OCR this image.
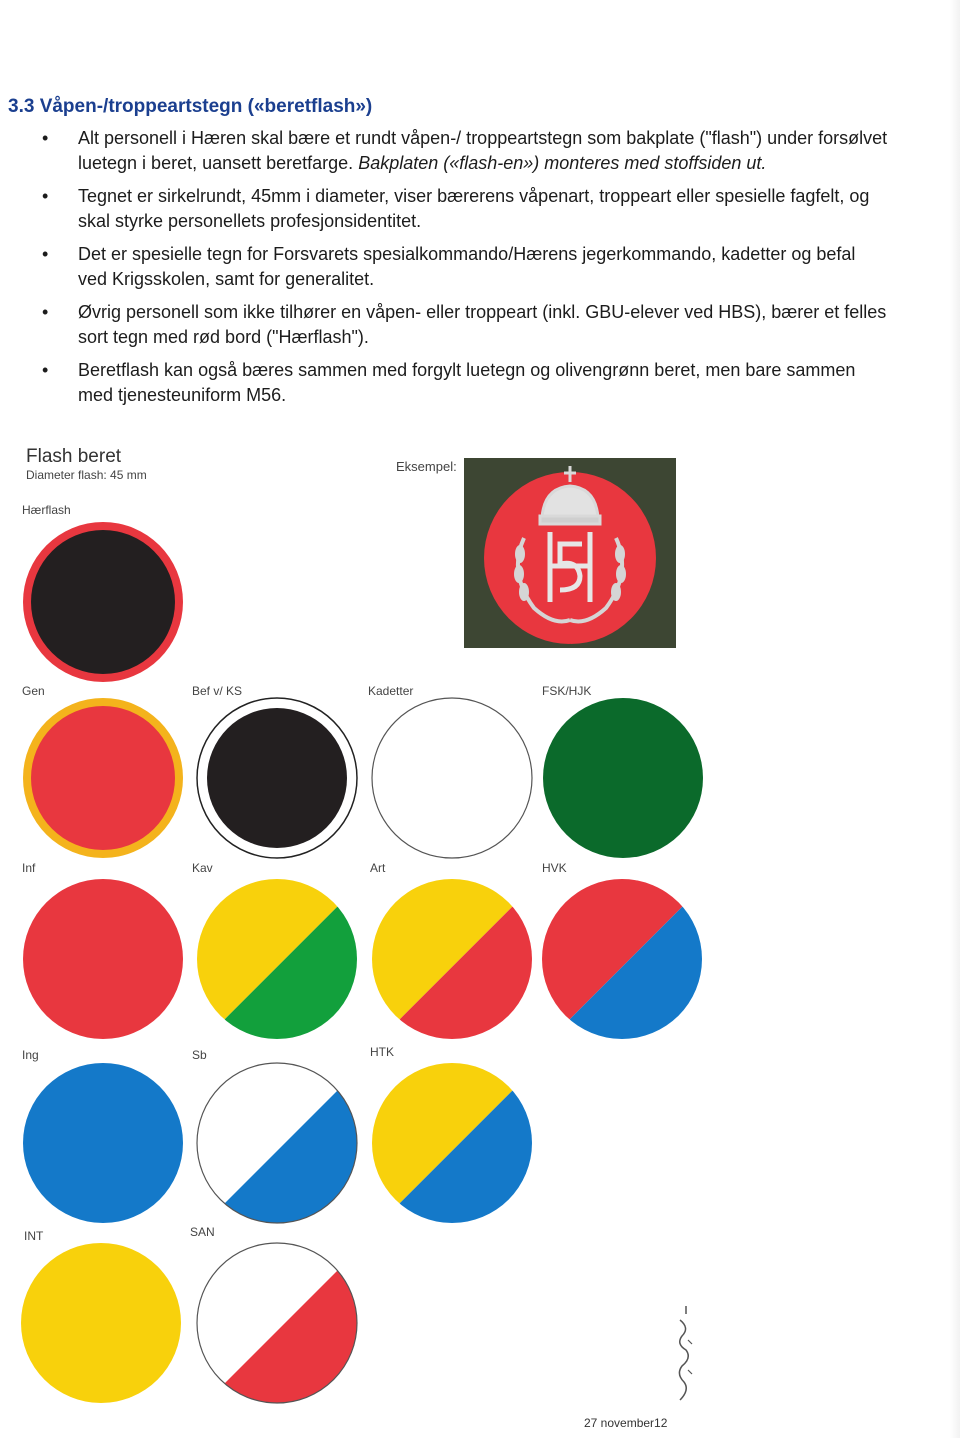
3.3 Våpen-/troppeartstegn («beretflash»)
• Alt personell i Hæren skal bære et rundt våpen-/ troppeartstegn som bakplate ("flash") under forsølvet luetegn i beret, uansett beretfarge. Bakplaten («flash-en») monteres med stoffsiden ut.
• Tegnet er sirkelrundt, 45mm i diameter, viser bærerens våpenart, troppeart eller spesielle fagfelt, og skal styrke personellets profesjonsidentitet.
• Det er spesielle tegn for Forsvarets spesialkommando/Hærens jegerkommando, kadetter og befal ved Krigsskolen, samt for generalitet.
• Øvrig personell som ikke tilhører en våpen- eller troppeart (inkl. GBU-elever ved HBS), bærer et felles sort tegn med rød bord ("Hærflash").
• Beretflash kan også bæres sammen med forgylt luetegn og olivengrønn beret, men bare sammen med tjenesteuniform M56.
Flash beret
Diameter flash: 45 mm
Eksempel:
H5
Hærflash
Gen	Bef v/ KS	Kadetter	FSK/HJK
Inf	Kav	Art	HVK
Ing	Sb	HTK
INT	SAN
27 november12
